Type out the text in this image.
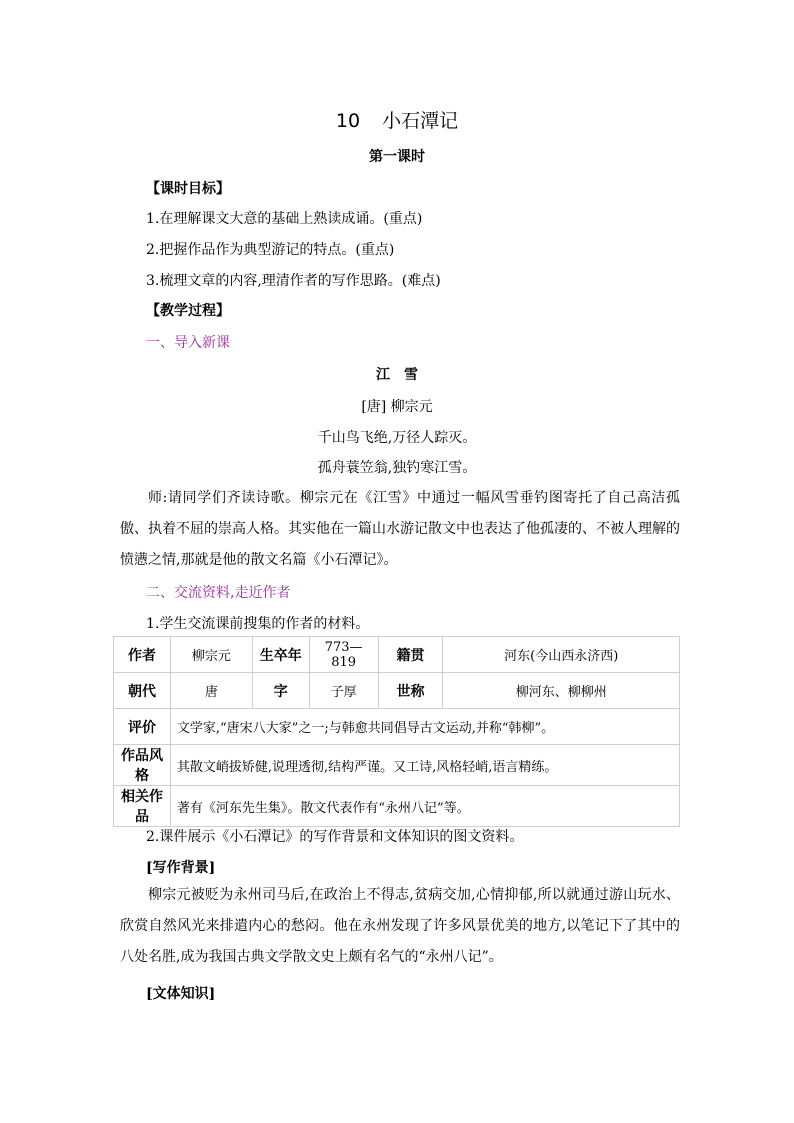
10 小石潭记
第一课时
【课时目标】
1.在理解课文大意的基础上熟读成诵。(重点)
2.把握作品作为典型游记的特点。(重点)
3.梳理文章的内容,理清作者的写作思路。(难点)
【教学过程】
一、导入新课
江　雪
[唐] 柳宗元
千山鸟飞绝,万径人踪灭。
孤舟蓑笠翁,独钓寒江雪。
师:请同学们齐读诗歌。柳宗元在《江雪》中通过一幅风雪垂钓图寄托了自己高洁孤傲、执着不屈的崇高人格。其实他在一篇山水游记散文中也表达了他孤凄的、不被人理解的愤懑之情,那就是他的散文名篇《小石潭记》。
二、交流资料,走近作者
1.学生交流课前搜集的作者的材料。
作者	柳宗元	生卒年	773—819	籍贯	河东(今山西永济西)
朝代	唐	字	子厚	世称	柳河东、柳柳州
评价	文学家,“唐宋八大家”之一;与韩愈共同倡导古文运动,并称“韩柳”。				
作品风格	其散文峭拔矫健,说理透彻,结构严谨。又工诗,风格轻峭,语言精练。				
相关作品	著有《河东先生集》。散文代表作有“永州八记”等。				
2.课件展示《小石潭记》的写作背景和文体知识的图文资料。
[写作背景]
柳宗元被贬为永州司马后,在政治上不得志,贫病交加,心情抑郁,所以就通过游山玩水、欣赏自然风光来排遣内心的愁闷。他在永州发现了许多风景优美的地方,以笔记下了其中的八处名胜,成为我国古典文学散文史上颇有名气的“永州八记”。
[文体知识]
